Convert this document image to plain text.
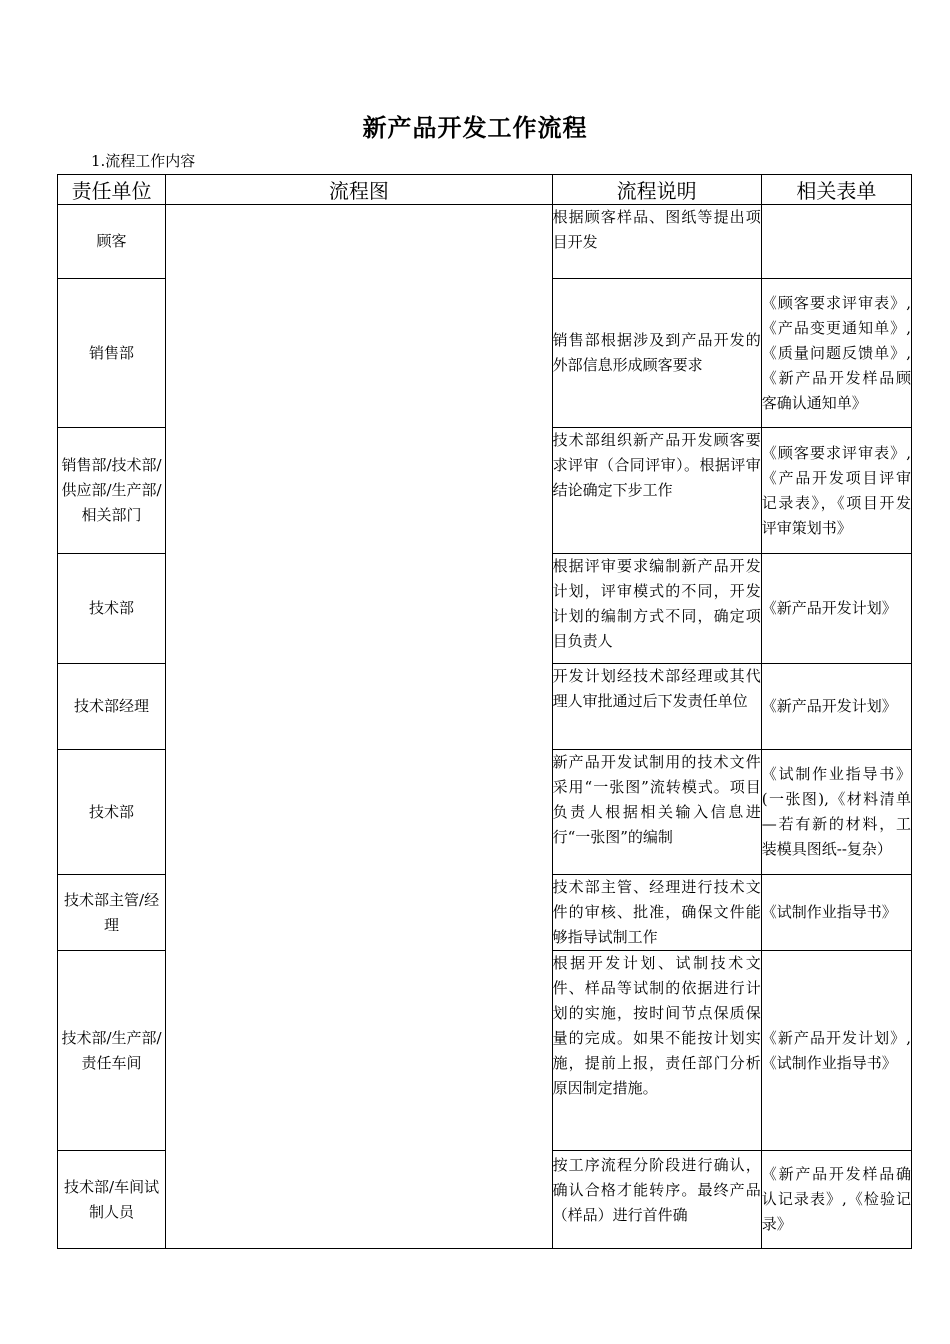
新产品开发工作流程
1.流程工作内容
责任单位	流程图	流程说明	相关表单
顾客		根据顾客样品、图纸等提出项目开发	
销售部		销售部根据涉及到产品开发的外部信息形成顾客要求	《顾客要求评审表》,《产品变更通知单》,《质量问题反馈单》,《新产品开发样品顾客确认通知单》
销售部/技术部/供应部/生产部/相关部门		技术部组织新产品开发顾客要求评审（合同评审）。根据评审结论确定下步工作	《顾客要求评审表》,《产品开发项目评审记录表》，《项目开发评审策划书》
技术部		根据评审要求编制新产品开发计划，评审模式的不同，开发计划的编制方式不同，确定项目负责人	《新产品开发计划》
技术部经理		开发计划经技术部经理或其代理人审批通过后下发责任单位	《新产品开发计划》
技术部		新产品开发试制用的技术文件采用“一张图”流转模式。项目负责人根据相关输入信息进行“一张图”的编制	《试制作业指导书》(一张图),《材料清单—若有新的材料，工装模具图纸--复杂）
技术部主管/经理		技术部主管、经理进行技术文件的审核、批准，确保文件能够指导试制工作	《试制作业指导书》
技术部/生产部/责任车间		根据开发计划、试制技术文件、样品等试制的依据进行计划的实施，按时间节点保质保量的完成。如果不能按计划实施，提前上报，责任部门分析原因制定措施。	《新产品开发计划》,《试制作业指导书》
技术部/车间试制人员		按工序流程分阶段进行确认，确认合格才能转序。最终产品（样品）进行首件确	《新产品开发样品确认记录表》,《检验记录》
